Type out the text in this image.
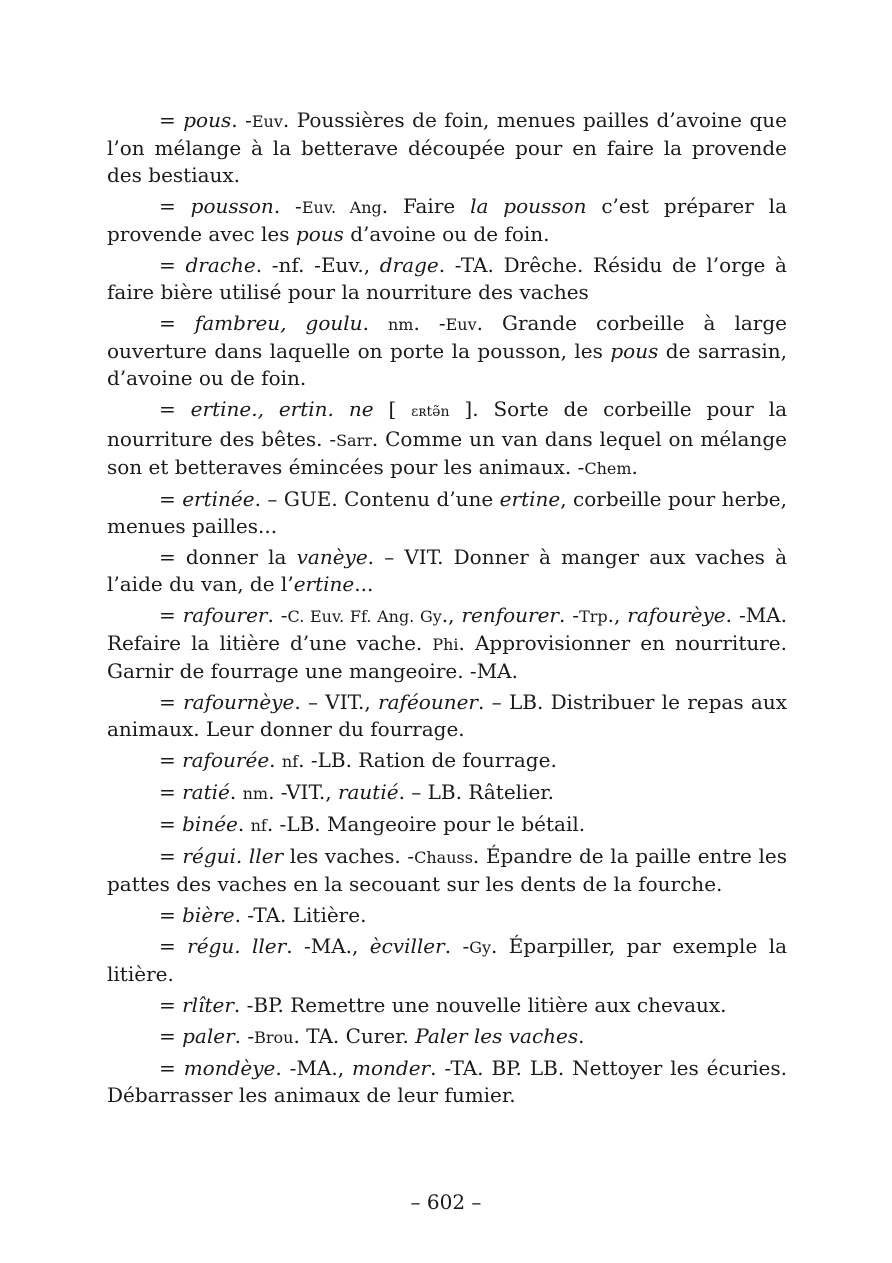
= pous. -Euv. Poussières de foin, menues pailles d’avoine que l’on mélange à la betterave découpée pour en faire la provende des bestiaux.

= pousson. -Euv. Ang. Faire la pousson c’est préparer la provende avec les pous d’avoine ou de foin.

= drache. -nf. -Euv., drage. -TA. Drêche. Résidu de l’orge à faire bière utilisé pour la nourriture des vaches

= fambreu, goulu. nm. -Euv. Grande corbeille à large ouverture dans laquelle on porte la pousson, les pous de sarrasin, d’avoine ou de foin.

= ertine., ertin. ne [ ɛʀtə̃n ]. Sorte de corbeille pour la nourriture des bêtes. -Sarr. Comme un van dans lequel on mélange son et betteraves émincées pour les animaux. -Chem.

= ertinée. – GUE. Contenu d’une ertine, corbeille pour herbe, menues pailles...

= donner la vanèye. – VIT. Donner à manger aux vaches à l’aide du van, de l’ertine...

= rafourer. -C. Euv. Ff. Ang. Gy., renfourer. -Trp., rafourèye. -MA. Refaire la litière d’une vache. Phi. Approvisionner en nourriture. Garnir de fourrage une mangeoire. -MA.

= rafournèye. – VIT., raféouner. – LB. Distribuer le repas aux animaux. Leur donner du fourrage.

= rafourée. nf. -LB. Ration de fourrage.

= ratié. nm. -VIT., rautié. – LB. Râtelier.

= binée. nf. -LB. Mangeoire pour le bétail.

= régui. ller les vaches. -Chauss. Épandre de la paille entre les pattes des vaches en la secouant sur les dents de la fourche.

= bière. -TA. Litière.

= régu. ller. -MA., ècviller. -Gy. Éparpiller, par exemple la litière.

= rlîter. -BP. Remettre une nouvelle litière aux chevaux.

= paler. -Brou. TA. Curer. Paler les vaches.

= mondèye. -MA., monder. -TA. BP. LB. Nettoyer les écuries. Débarrasser les animaux de leur fumier.

– 602 –
